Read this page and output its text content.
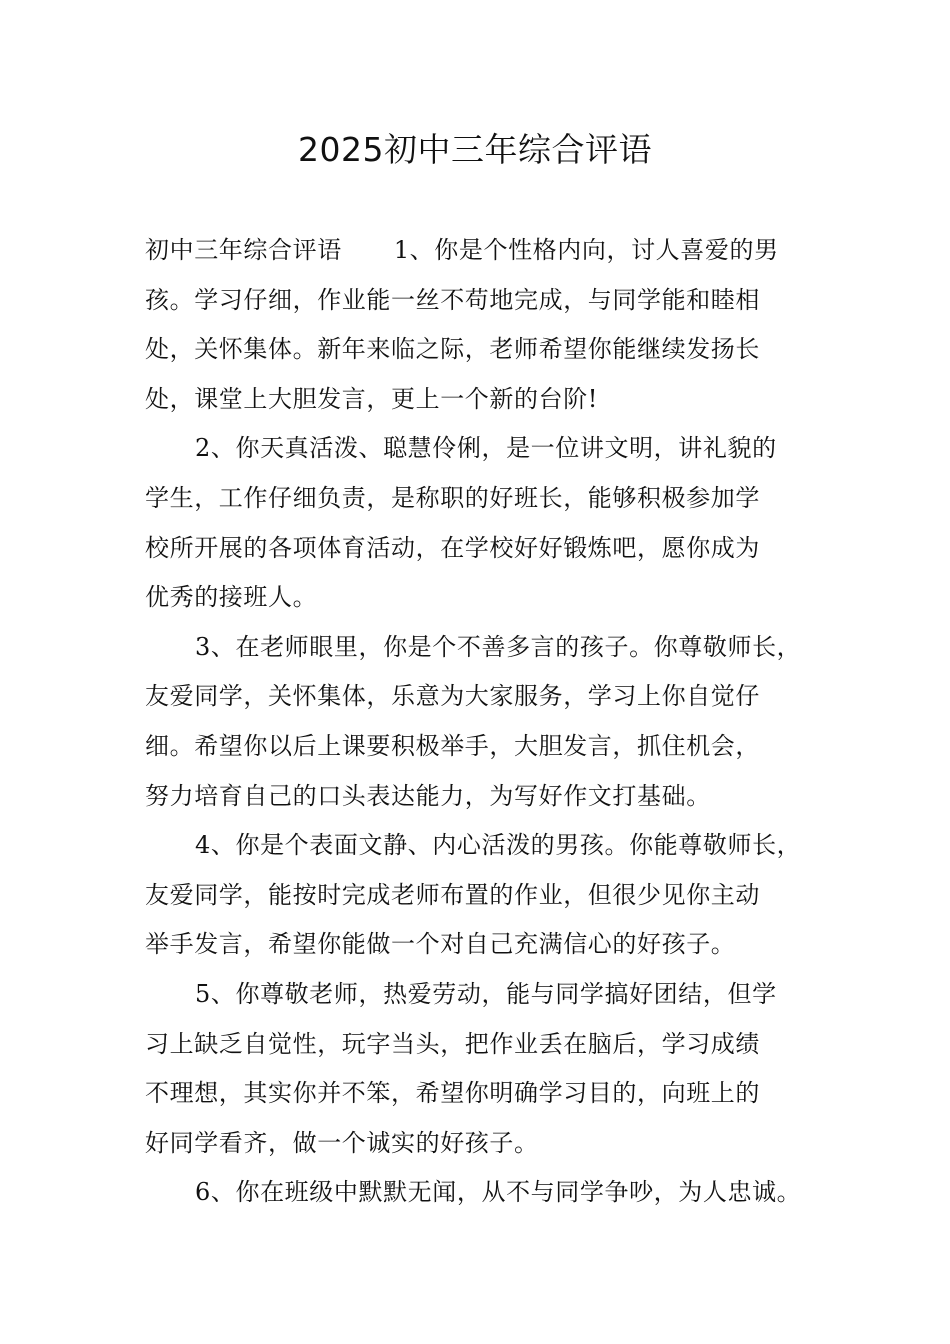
2025初中三年综合评语
初中三年综合评语 1、你是个性格内向，讨人喜爱的男
孩。学习仔细，作业能一丝不苟地完成，与同学能和睦相
处，关怀集体。新年来临之际，老师希望你能继续发扬长
处，课堂上大胆发言，更上一个新的台阶!
2、你天真活泼、聪慧伶俐，是一位讲文明，讲礼貌的
学生，工作仔细负责，是称职的好班长，能够积极参加学
校所开展的各项体育活动，在学校好好锻炼吧，愿你成为
优秀的接班人。
3、在老师眼里，你是个不善多言的孩子。你尊敬师长，
友爱同学，关怀集体，乐意为大家服务，学习上你自觉仔
细。希望你以后上课要积极举手，大胆发言，抓住机会，
努力培育自己的口头表达能力，为写好作文打基础。
4、你是个表面文静、内心活泼的男孩。你能尊敬师长，
友爱同学，能按时完成老师布置的作业，但很少见你主动
举手发言，希望你能做一个对自己充满信心的好孩子。
5、你尊敬老师，热爱劳动，能与同学搞好团结，但学
习上缺乏自觉性，玩字当头，把作业丢在脑后，学习成绩
不理想，其实你并不笨，希望你明确学习目的，向班上的
好同学看齐，做一个诚实的好孩子。
6、你在班级中默默无闻，从不与同学争吵，为人忠诚。
